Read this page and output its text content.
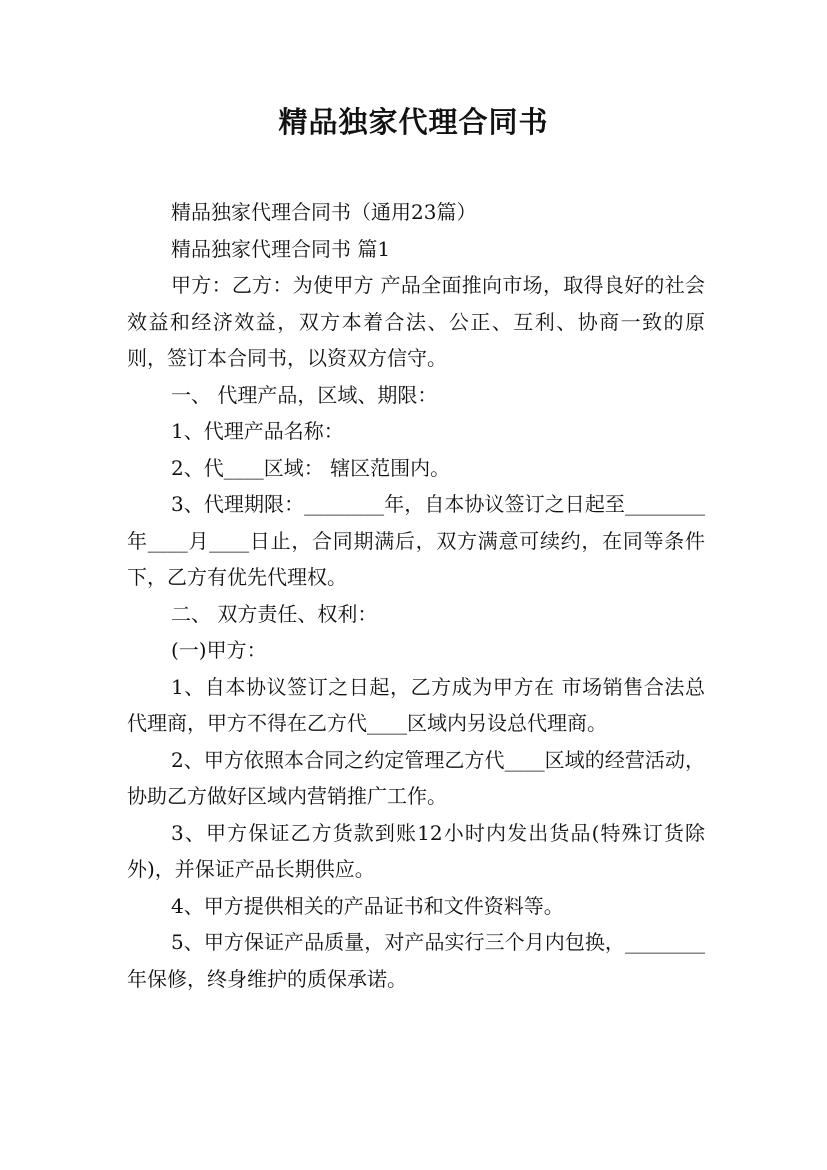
精品独家代理合同书

精品独家代理合同书（通用23篇）

精品独家代理合同书 篇1

甲方：乙方：为使甲方 产品全面推向市场，取得良好的社会效益和经济效益，双方本着合法、公正、互利、协商一致的原则，签订本合同书，以资双方信守。

一、 代理产品，区域、期限：

1、代理产品名称：

2、代____区域： 辖区范围内。

3、代理期限：________年，自本协议签订之日起至________年____月____日止，合同期满后，双方满意可续约，在同等条件下，乙方有优先代理权。

二、 双方责任、权利：

(一)甲方：

1、自本协议签订之日起，乙方成为甲方在 市场销售合法总代理商，甲方不得在乙方代____区域内另设总代理商。

2、甲方依照本合同之约定管理乙方代____区域的经营活动，协助乙方做好区域内营销推广工作。

3、甲方保证乙方货款到账12小时内发出货品(特殊订货除外)，并保证产品长期供应。

4、甲方提供相关的产品证书和文件资料等。

5、甲方保证产品质量，对产品实行三个月内包换，________年保修，终身维护的质保承诺。
